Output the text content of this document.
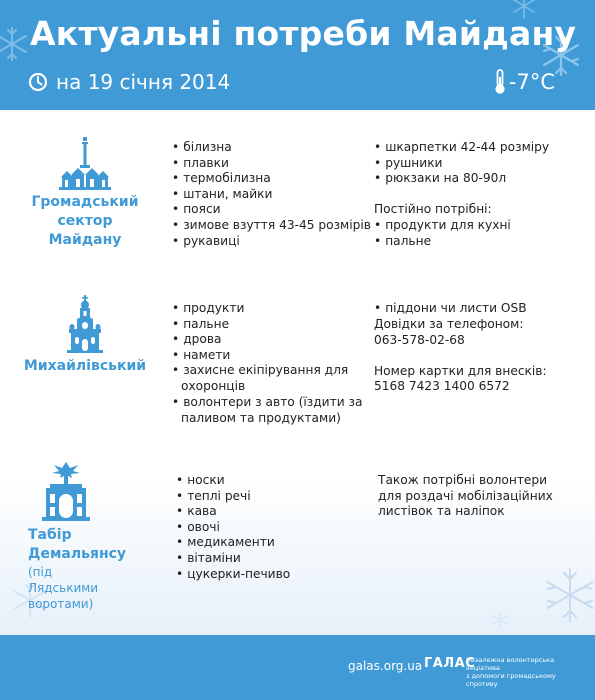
Актуальні потреби Майдану
на 19 січня 2014	-7°С
Громадський сектор Майдану
• білизна
• плавки
• термобілизна
• штани, майки
• пояси
• зимове взуття 43-45 розмірів
• рукавиці
• шкарпетки 42-44 розміру
• рушники
• рюкзаки на 80-90л
Постійно потрібні:
• продукти для кухні
• пальне
Михайлівський
• продукти
• пальне
• дрова
• намети
• захисне екіпірування для
охоронців
• волонтери з авто (їздити за
паливом та продуктами)
• піддони чи листи OSB
Довідки за телефоном:
063-578-02-68
Номер картки для внесків:
5168 7423 1400 6572
Табір
Демальянсу
(під Лядськими
воротами)
• носки
• теплі речі
• кава
• овочі
• медикаменти
• вітаміни
• цукерки-печиво
Також потрібні волонтери
для роздачі мобілізаційних
листівок та наліпок
galas.org.ua ГАЛАС
Незалежна волонтерська ініціатива
з допомоги громадському спротиву
